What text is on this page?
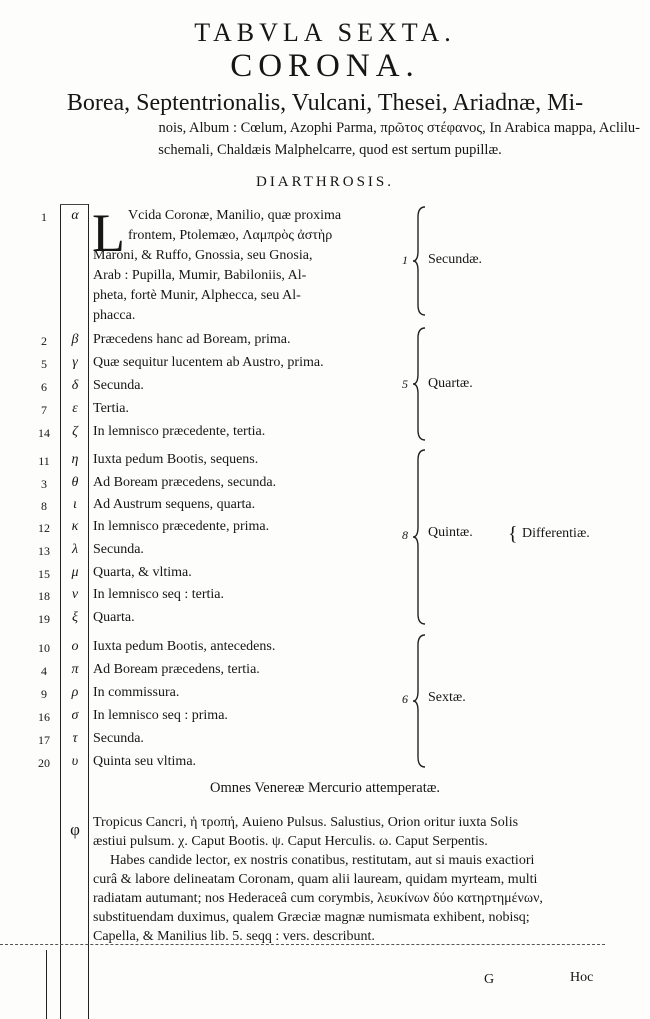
TABVLA SEXTA.
CORONA.
Borea, Septentrionalis, Vulcani, Thesei, Ariadnæ, Mi-
nois, Album : Cœlum, Azophi Parma, πρῶτος στέφανος, In Arabica mappa, Aclilu-
schemali, Chaldæis Malphelcarre, quod est sertum pupillæ.
DIARTHROSIS.
1	α L Vcida Coronæ, Manilio, quæ proxima
frontem, Ptolemæo, Λαμπρὸς ἀστὴρ
Maroni, & Ruffo, Gnossia, seu Gnosia,
Arab : Pupilla, Mumir, Babiloniis, Al-
pheta, fortè Munir, Alphecca, seu Al-
phacca.
2	β	Præcedens hanc ad Boream, prima.
5	γ	Quæ sequitur lucentem ab Austro, prima.
6	δ	Secunda.
7	ε	Tertia.
14	ζ	In lemnisco præcedente, tertia.
11	η	Iuxta pedum Bootis, sequens.
3	θ	Ad Boream præcedens, secunda.
8	ι	Ad Austrum sequens, quarta.
12	κ	In lemnisco præcedente, prima.
13	λ	Secunda.
15	μ	Quarta, & vltima.
18	ν	In lemnisco seq : tertia.
19	ξ	Quarta.
10	ο	Iuxta pedum Bootis, antecedens.
4	π	Ad Boream præcedens, tertia.
9	ρ	In commissura.
16	σ	In lemnisco seq : prima.
17	τ	Secunda.
20	υ	Quinta seu vltima.
1 Secundæ.
5 Quartæ.
8 Quintæ.
6 Sextæ.
{ Differentiæ.
Omnes Venereæ Mercurio attemperatæ.
φ Tropicus Cancri, ἡ τροπή, Auieno Pulsus. Salustius, Orion oritur iuxta Solis
æstiui pulsum. χ. Caput Bootis. ψ. Caput Herculis. ω. Caput Serpentis.
Habes candide lector, ex nostris conatibus, restitutam, aut si mauis exactiori
curâ & labore delineatam Coronam, quam alii lauream, quidam myrteam, multi
radiatam autumant; nos Hederaceâ cum corymbis, λευκίνων δύο κατηρτημένων,
substituendam duximus, qualem Græciæ magnæ numismata exhibent, nobisq;
Capella, & Manilius lib. 5. seqq : vers. describunt.
G	Hoc
